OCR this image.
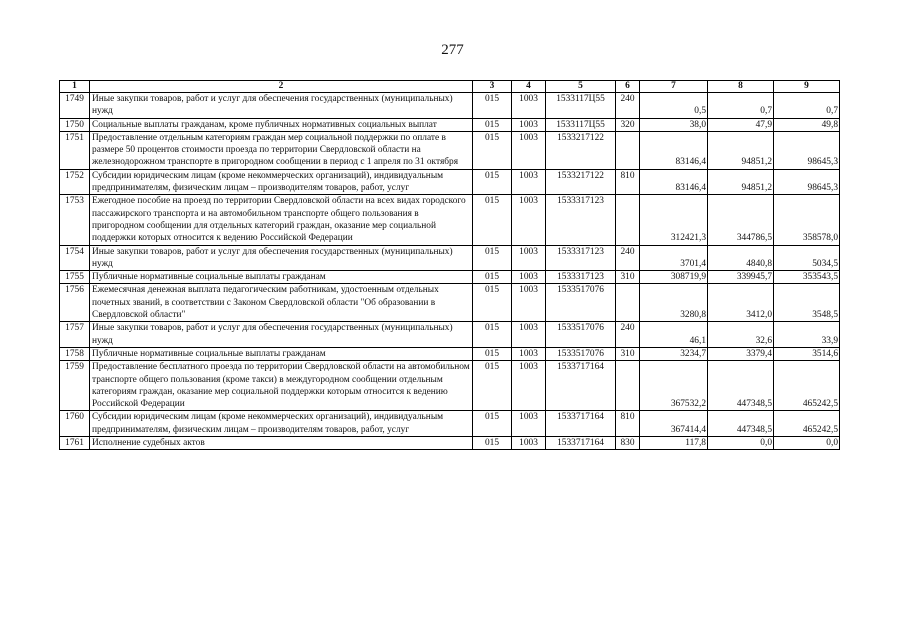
277
1	2	3	4	5	6	7	8	9
1749	Иные закупки товаров, работ и услуг для обеспечения государственных (муниципальных) нужд	015	1003	1533117Ц55	240	0,5	0,7	0,7
1750	Социальные выплаты гражданам, кроме публичных нормативных социальных выплат	015	1003	1533117Ц55	320	38,0	47,9	49,8
1751	Предоставление отдельным категориям граждан мер социальной поддержки по оплате в размере 50 процентов стоимости проезда по территории Свердловской области на железнодорожном транспорте в пригородном сообщении в период с 1 апреля по 31 октября	015	1003	1533217122		83146,4	94851,2	98645,3
1752	Субсидии юридическим лицам (кроме некоммерческих организаций), индивидуальным предпринимателям, физическим лицам – производителям товаров, работ, услуг	015	1003	1533217122	810	83146,4	94851,2	98645,3
1753	Ежегодное пособие на проезд по территории Свердловской области на всех видах городского пассажирского транспорта и на автомобильном транспорте общего пользования в пригородном сообщении для отдельных категорий граждан, оказание мер социальной поддержки которых относится к ведению Российской Федерации	015	1003	1533317123		312421,3	344786,5	358578,0
1754	Иные закупки товаров, работ и услуг для обеспечения государственных (муниципальных) нужд	015	1003	1533317123	240	3701,4	4840,8	5034,5
1755	Публичные нормативные социальные выплаты гражданам	015	1003	1533317123	310	308719,9	339945,7	353543,5
1756	Ежемесячная денежная выплата педагогическим работникам, удостоенным отдельных почетных званий, в соответствии с Законом Свердловской области "Об образовании в Свердловской области"	015	1003	1533517076		3280,8	3412,0	3548,5
1757	Иные закупки товаров, работ и услуг для обеспечения государственных (муниципальных) нужд	015	1003	1533517076	240	46,1	32,6	33,9
1758	Публичные нормативные социальные выплаты гражданам	015	1003	1533517076	310	3234,7	3379,4	3514,6
1759	Предоставление бесплатного проезда по территории Свердловской области на автомобильном транспорте общего пользования (кроме такси) в междугородном сообщении отдельным категориям граждан, оказание мер социальной поддержки которым относится к ведению Российской Федерации	015	1003	1533717164		367532,2	447348,5	465242,5
1760	Субсидии юридическим лицам (кроме некоммерческих организаций), индивидуальным предпринимателям, физическим лицам – производителям товаров, работ, услуг	015	1003	1533717164	810	367414,4	447348,5	465242,5
1761	Исполнение судебных актов	015	1003	1533717164	830	117,8	0,0	0,0
